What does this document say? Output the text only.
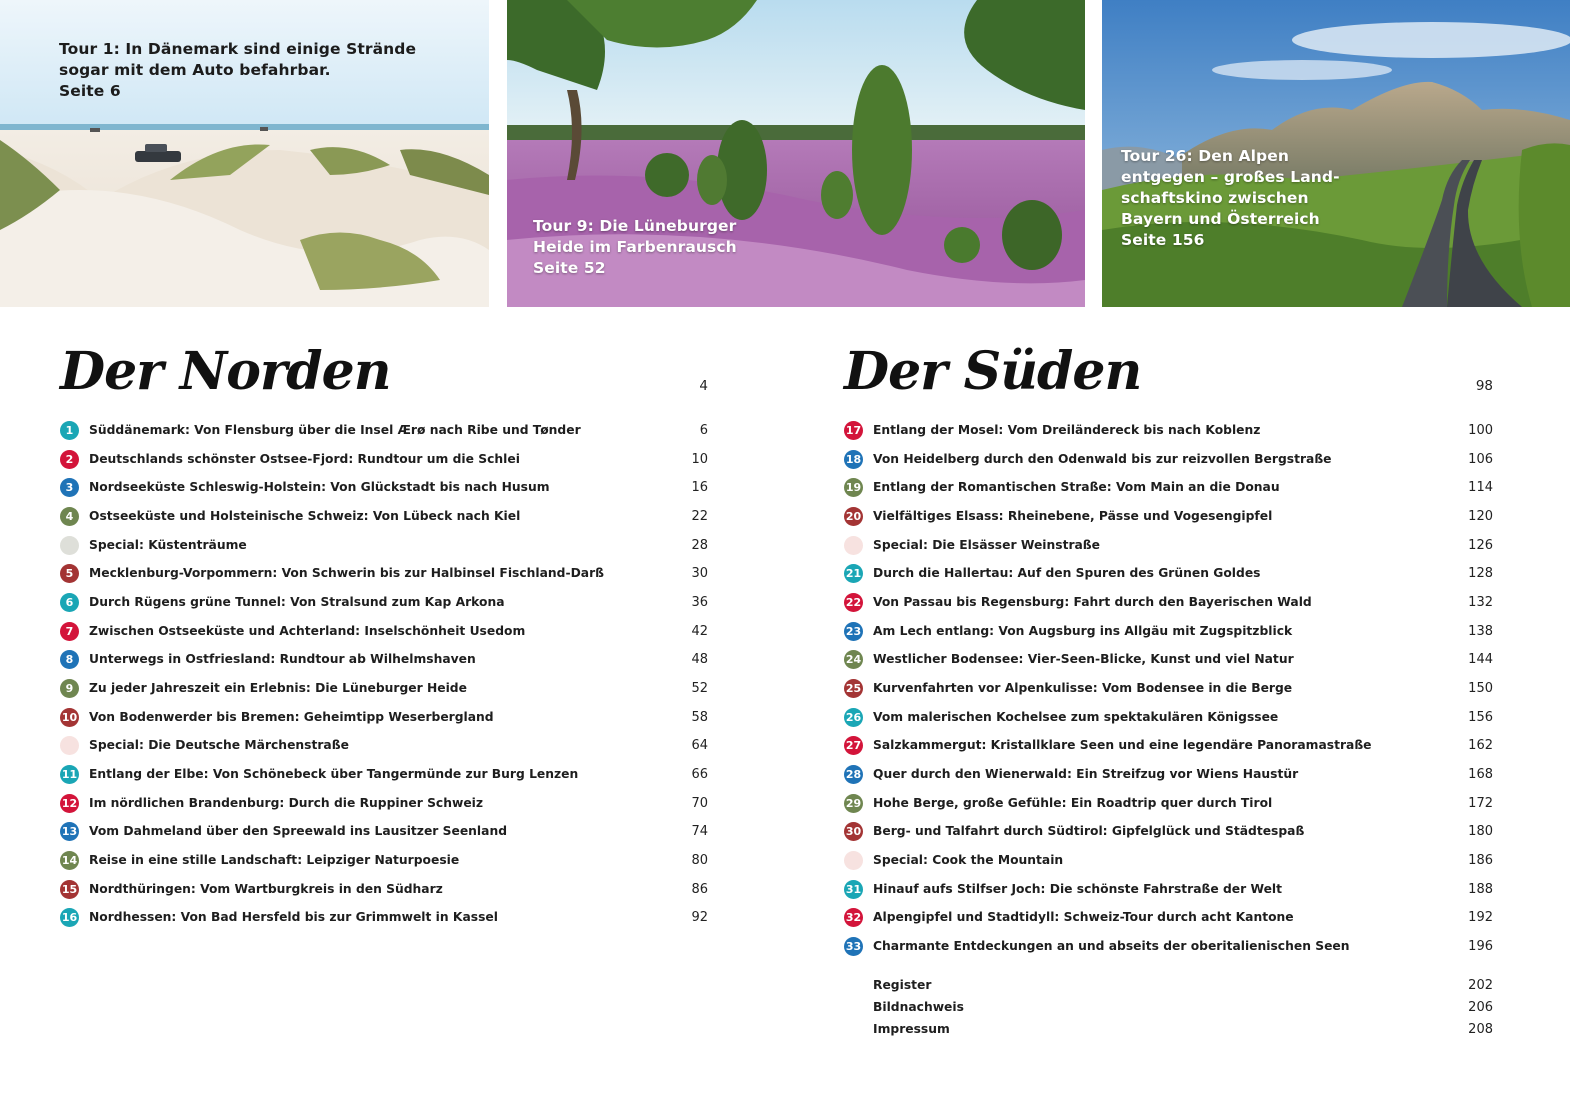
Tour 1: In Dänemark sind einige Strände
sogar mit dem Auto befahrbar.
Seite 6
Tour 9: Die Lüneburger
Heide im Farbenrausch
Seite 52
Tour 26: Den Alpen
entgegen – großes Land-
schaftskino zwischen
Bayern und Österreich
Seite 156
Der Norden	4
1	Süddänemark: Von Flensburg über die Insel Ærø nach Ribe und Tønder	6
2	Deutschlands schönster Ostsee-Fjord: Rundtour um die Schlei	10
3	Nordseeküste Schleswig-Holstein: Von Glückstadt bis nach Husum	16
4	Ostseeküste und Holsteinische Schweiz: Von Lübeck nach Kiel	22
Special: Küstenträume	28
5	Mecklenburg-Vorpommern: Von Schwerin bis zur Halbinsel Fischland-Darß	30
6	Durch Rügens grüne Tunnel: Von Stralsund zum Kap Arkona	36
7	Zwischen Ostseeküste und Achterland: Inselschönheit Usedom	42
8	Unterwegs in Ostfriesland: Rundtour ab Wilhelmshaven	48
9	Zu jeder Jahreszeit ein Erlebnis: Die Lüneburger Heide	52
10 Von Bodenwerder bis Bremen: Geheimtipp Weserbergland	58
Special: Die Deutsche Märchenstraße	64
11 Entlang der Elbe: Von Schönebeck über Tangermünde zur Burg Lenzen	66
12 Im nördlichen Brandenburg: Durch die Ruppiner Schweiz	70
13 Vom Dahmeland über den Spreewald ins Lausitzer Seenland	74
14 Reise in eine stille Landschaft: Leipziger Naturpoesie	80
15 Nordthüringen: Vom Wartburgkreis in den Südharz	86
16 Nordhessen: Von Bad Hersfeld bis zur Grimmwelt in Kassel	92
Der Süden	98
17 Entlang der Mosel: Vom Dreiländereck bis nach Koblenz	100
18 Von Heidelberg durch den Odenwald bis zur reizvollen Bergstraße	106
19 Entlang der Romantischen Straße: Vom Main an die Donau	114
20 Vielfältiges Elsass: Rheinebene, Pässe und Vogesengipfel	120
Special: Die Elsässer Weinstraße	126
21 Durch die Hallertau: Auf den Spuren des Grünen Goldes	128
22 Von Passau bis Regensburg: Fahrt durch den Bayerischen Wald	132
23 Am Lech entlang: Von Augsburg ins Allgäu mit Zugspitzblick	138
24 Westlicher Bodensee: Vier-Seen-Blicke, Kunst und viel Natur	144
25 Kurvenfahrten vor Alpenkulisse: Vom Bodensee in die Berge	150
26 Vom malerischen Kochelsee zum spektakulären Königssee	156
27 Salzkammergut: Kristallklare Seen und eine legendäre Panoramastraße	162
28 Quer durch den Wienerwald: Ein Streifzug vor Wiens Haustür	168
29 Hohe Berge, große Gefühle: Ein Roadtrip quer durch Tirol	172
30 Berg- und Talfahrt durch Südtirol: Gipfelglück und Städtespaß	180
Special: Cook the Mountain	186
31 Hinauf aufs Stilfser Joch: Die schönste Fahrstraße der Welt	188
32 Alpengipfel und Stadtidyll: Schweiz-Tour durch acht Kantone	192
33 Charmante Entdeckungen an und abseits der oberitalienischen Seen	196
Register	202
Bildnachweis	206
Impressum	208
